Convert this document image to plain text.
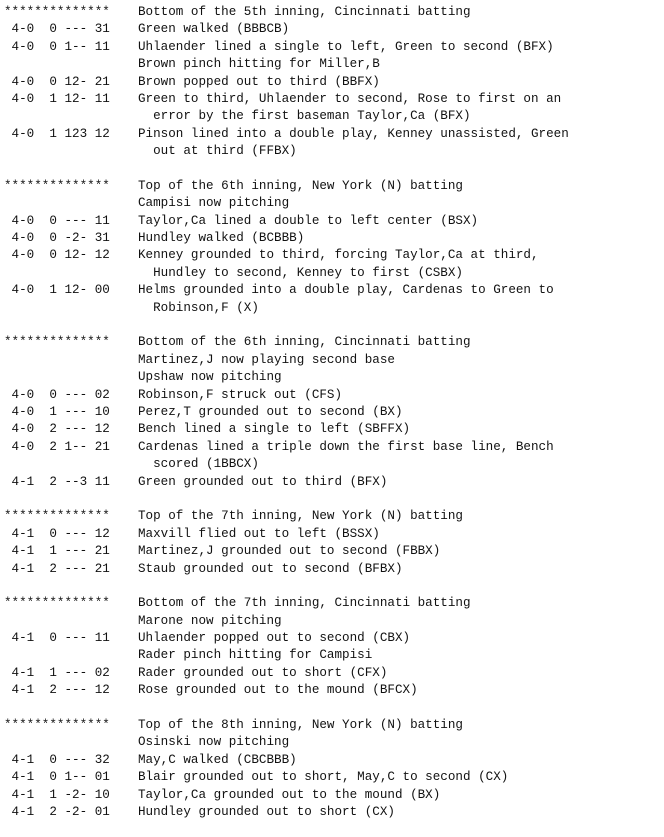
**************	Bottom of the 5th inning, Cincinnati batting
4-0  0 --- 31	Green walked (BBBCB)
4-0  0 1-- 11	Uhlaender lined a single to left, Green to second (BFX)
Brown pinch hitting for Miller,B
4-0  0 12- 21	Brown popped out to third (BBFX)
4-0  1 12- 11	Green to third, Uhlaender to second, Rose to first on an
error by the first baseman Taylor,Ca (BFX)
4-0  1 123 12	Pinson lined into a double play, Kenney unassisted, Green
out at third (FFBX)
**************	Top of the 6th inning, New York (N) batting
Campisi now pitching
4-0  0 --- 11	Taylor,Ca lined a double to left center (BSX)
4-0  0 -2- 31	Hundley walked (BCBBB)
4-0  0 12- 12	Kenney grounded to third, forcing Taylor,Ca at third,
Hundley to second, Kenney to first (CSBX)
4-0  1 12- 00	Helms grounded into a double play, Cardenas to Green to
Robinson,F (X)
**************	Bottom of the 6th inning, Cincinnati batting
Martinez,J now playing second base
Upshaw now pitching
4-0  0 --- 02	Robinson,F struck out (CFS)
4-0  1 --- 10	Perez,T grounded out to second (BX)
4-0  2 --- 12	Bench lined a single to left (SBFFX)
4-0  2 1-- 21	Cardenas lined a triple down the first base line, Bench
scored (1BBCX)
4-1  2 --3 11	Green grounded out to third (BFX)
**************	Top of the 7th inning, New York (N) batting
4-1  0 --- 12	Maxvill flied out to left (BSSX)
4-1  1 --- 21	Martinez,J grounded out to second (FBBX)
4-1  2 --- 21	Staub grounded out to second (BFBX)
**************	Bottom of the 7th inning, Cincinnati batting
Marone now pitching
4-1  0 --- 11	Uhlaender popped out to second (CBX)
Rader pinch hitting for Campisi
4-1  1 --- 02	Rader grounded out to short (CFX)
4-1  2 --- 12	Rose grounded out to the mound (BFCX)
**************	Top of the 8th inning, New York (N) batting
Osinski now pitching
4-1  0 --- 32	May,C walked (CBCBBB)
4-1  0 1-- 01	Blair grounded out to short, May,C to second (CX)
4-1  1 -2- 10	Taylor,Ca grounded out to the mound (BX)
4-1  2 -2- 01	Hundley grounded out to short (CX)
